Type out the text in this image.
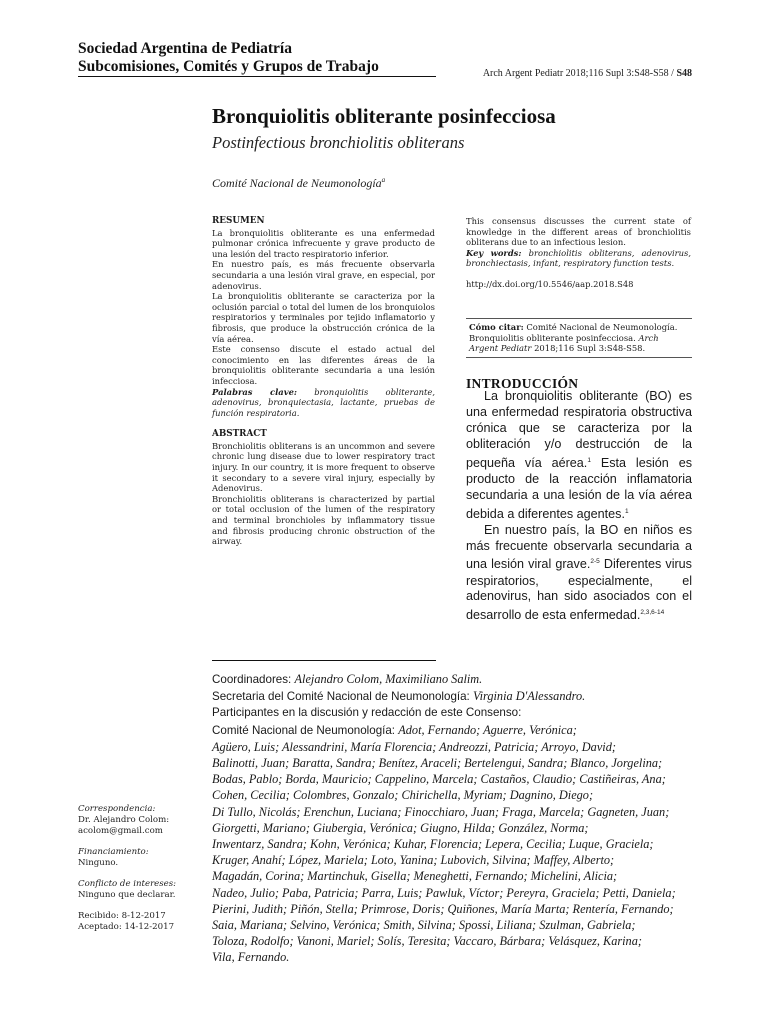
Sociedad Argentina de Pediatría
Subcomisiones, Comités y Grupos de Trabajo	Arch Argent Pediatr 2018;116 Supl 3:S48-S58 / S48
Bronquiolitis obliterante posinfecciosa
Postinfectious bronchiolitis obliterans
Comité Nacional de Neumonología$^a$

RESUMEN

La bronquiolitis obliterante es una enfermedad pulmonar crónica infrecuente y grave producto de una lesión del tracto respiratorio inferior.

En nuestro país, es más frecuente observarla secundaria a una lesión viral grave, en especial, por adenovirus.

La bronquiolitis obliterante se caracteriza por la oclusión parcial o total del lumen de los bronquiolos respiratorios y terminales por tejido inflamatorio y fibrosis, que produce la obstrucción crónica de la vía aérea.

Este consenso discute el estado actual del conocimiento en las diferentes áreas de la bronquiolitis obliterante secundaria a una lesión infecciosa.

Palabras clave: bronquiolitis obliterante, adenovirus, bronquiectasia, lactante, pruebas de función respiratoria.

ABSTRACT

Bronchiolitis obliterans is an uncommon and severe chronic lung disease due to lower respiratory tract injury. In our country, it is more frequent to observe it secondary to a severe viral injury, especially by Adenovirus.

Bronchiolitis obliterans is characterized by partial or total occlusion of the lumen of the respiratory and terminal bronchioles by inflammatory tissue and fibrosis producing chronic obstruction of the airway.

This consensus discusses the current state of knowledge in the different areas of bronchiolitis obliterans due to an infectious lesion.

Key words: bronchiolitis obliterans, adenovirus, bronchiectasis, infant, respiratory function tests.

http://dx.doi.org/10.5546/aap.2018.S48

Cómo citar: Comité Nacional de Neumonología. Bronquiolitis obliterante posinfecciosa. Arch Argent Pediatr 2018;116 Supl 3:S48-S58.
INTRODUCCIÓN

La bronquiolitis obliterante (BO) es una enfermedad respiratoria obstructiva crónica que se caracteriza por la obliteración y/o destrucción de la pequeña vía aérea.$^1$ Esta lesión es producto de la reacción inflamatoria secundaria a una lesión de la vía aérea debida a diferentes agentes.$^1$

En nuestro país, la BO en niños es más frecuente observarla secundaria a una lesión viral grave.$^{2-5}$ Diferentes virus respiratorios, especialmente, el adenovirus, han sido asociados con el desarrollo de esta enfermedad.$^{2,3,6-14}$

Coordinadores: Alejandro Colom, Maximiliano Salim.

Secretaria del Comité Nacional de Neumonología: Virginia D'Alessandro.

Participantes en la discusión y redacción de este Consenso:

Comité Nacional de Neumonología: Adot, Fernando; Aguerre, Verónica;

Agüero, Luis; Alessandrini, María Florencia; Andreozzi, Patricia; Arroyo, David;

Balinotti, Juan; Baratta, Sandra; Benítez, Araceli; Bertelengui, Sandra; Blanco, Jorgelina;

Bodas, Pablo; Borda, Mauricio; Cappelino, Marcela; Castaños, Claudio; Castiñeiras, Ana;

Cohen, Cecilia; Colombres, Gonzalo; Chirichella, Myriam; Dagnino, Diego;

Di Tullo, Nicolás; Erenchun, Luciana; Finocchiaro, Juan; Fraga, Marcela; Gagneten, Juan;

Giorgetti, Mariano; Giubergia, Verónica; Giugno, Hilda; González, Norma;

Inwentarz, Sandra; Kohn, Verónica; Kuhar, Florencia; Lepera, Cecilia; Luque, Graciela;

Kruger, Anahí; López, Mariela; Loto, Yanina; Lubovich, Silvina; Maffey, Alberto;

Magadán, Corina; Martinchuk, Gisella; Meneghetti, Fernando; Michelini, Alicia;

Nadeo, Julio; Paba, Patricia; Parra, Luis; Pawluk, Víctor; Pereyra, Graciela; Petti, Daniela;

Pierini, Judith; Piñón, Stella; Primrose, Doris; Quiñones, María Marta; Rentería, Fernando;

Saia, Mariana; Selvino, Verónica; Smith, Silvina; Spossi, Liliana; Szulman, Gabriela;

Toloza, Rodolfo; Vanoni, Mariel; Solís, Teresita; Vaccaro, Bárbara; Velásquez, Karina;

Vila, Fernando.

Correspondencia:
Dr. Alejandro Colom:
acolom@gmail.com
Financiamiento:
Ninguno.
Conflicto de intereses:
Ninguno que declarar.
Recibido: 8-12-2017
Aceptado: 14-12-2017
